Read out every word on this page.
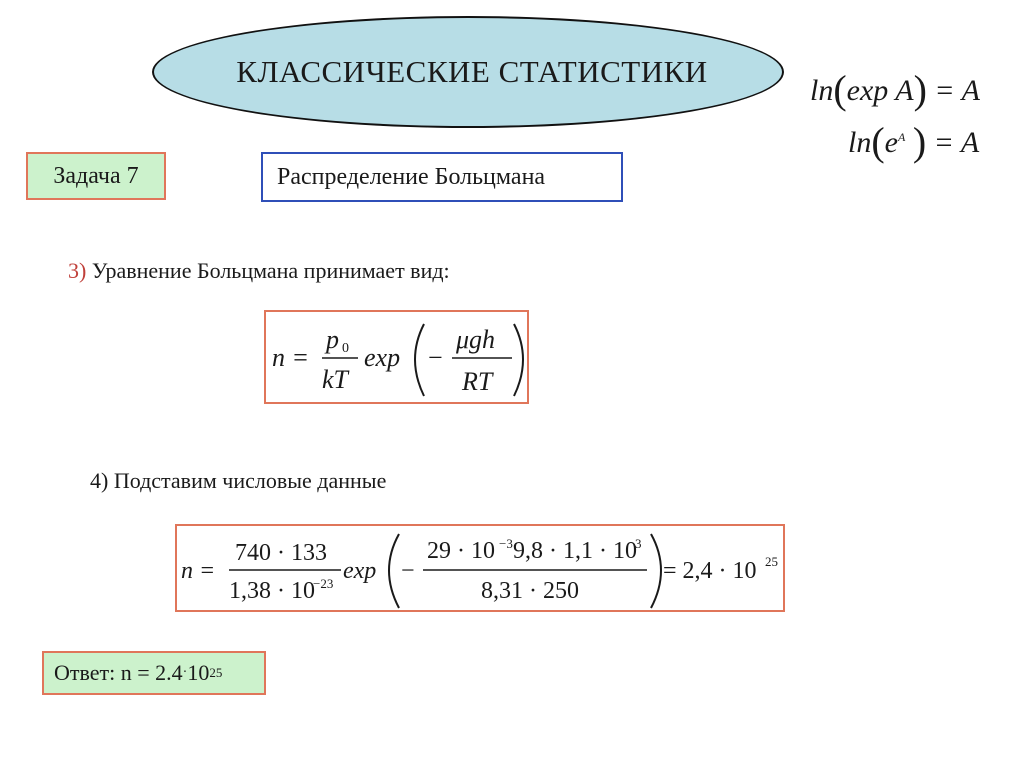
КЛАССИЧЕСКИЕ СТАТИСТИКИ
ln(exp A) = A
$\ln(e^A$ ) = A
Задача 7	Распределение Больцмана
3) Уравнение Больцмана принимает вид:
n =
p 0
kT
exp −
μgh
RT
4) Подставим числовые данные
n =
740 · 133
1,38 · 10
−23 exp −
29 · 10 −3 9,8 · 1,1 · 10
3
8,31 · 250
= 2,4 · 10 25
Ответ: n = 2.4 · 10 25
